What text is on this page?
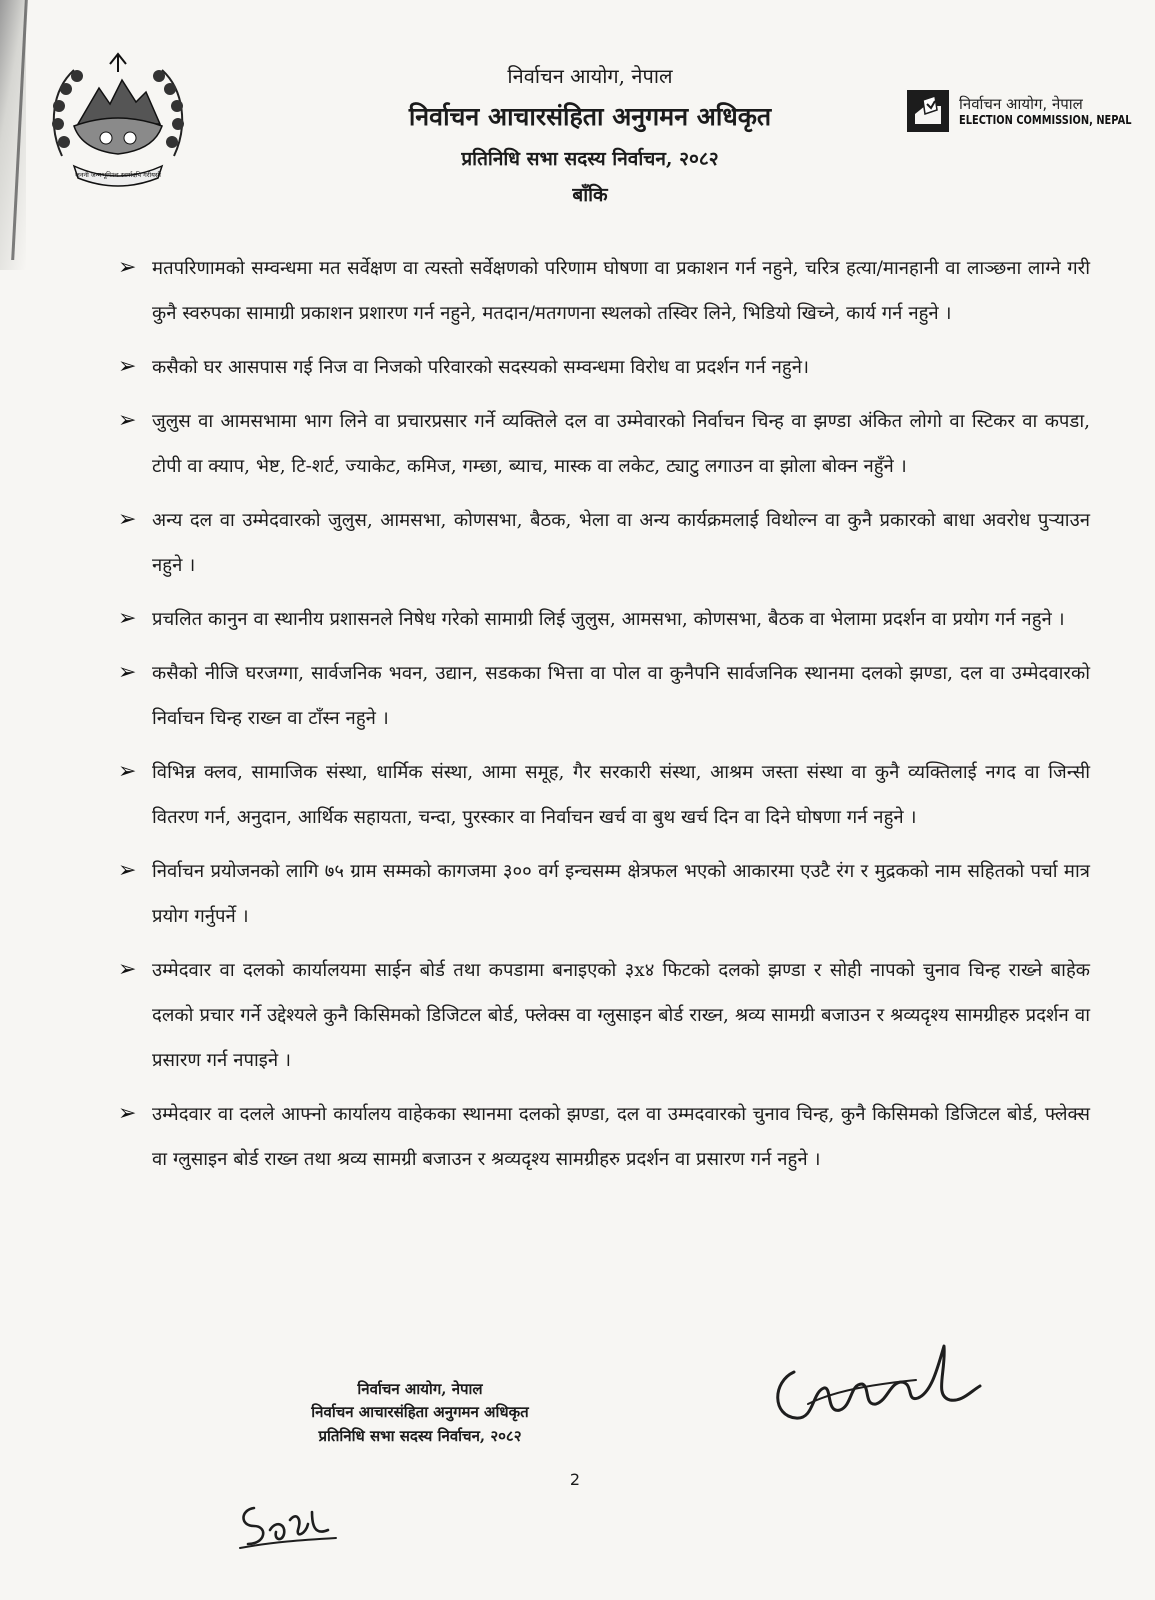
जननी जन्मभूमिश्च स्वर्गादपि गरीयसी
निर्वाचन आयोग, नेपाल
ELECTION COMMISSION, NEPAL
निर्वाचन आयोग, नेपाल
निर्वाचन आचारसंहिता अनुगमन अधिकृत
प्रतिनिधि सभा सदस्य निर्वाचन, २०८२
बाँकि
➢ मतपरिणामको सम्वन्धमा मत सर्वेक्षण वा त्यस्तो सर्वेक्षणको परिणाम घोषणा वा प्रकाशन गर्न नहुने, चरित्र हत्या/मानहानी वा लाञ्छना लाग्ने गरी कुनै स्वरुपका सामाग्री प्रकाशन प्रशारण गर्न नहुने, मतदान/मतगणना स्थलको तस्विर लिने, भिडियो खिच्ने, कार्य गर्न नहुने ।
➢ कसैको घर आसपास गई निज वा निजको परिवारको सदस्यको सम्वन्धमा विरोध वा प्रदर्शन गर्न नहुने।
➢ जुलुस वा आमसभामा भाग लिने वा प्रचारप्रसार गर्ने व्यक्तिले दल वा उम्मेवारको निर्वाचन चिन्ह वा झण्डा अंकित लोगो वा स्टिकर वा कपडा, टोपी वा क्याप, भेष्ट, टि-शर्ट, ज्याकेट, कमिज, गम्छा, ब्याच, मास्क वा लकेट, ट्याटु लगाउन वा झोला बोक्न नहुँने ।
➢ अन्य दल वा उम्मेदवारको जुलुस, आमसभा, कोणसभा, बैठक, भेला वा अन्य कार्यक्रमलाई विथोल्न वा कुनै प्रकारको बाधा अवरोध पुर्‍याउन नहुने ।
➢ प्रचलित कानुन वा स्थानीय प्रशासनले निषेध गरेको सामाग्री लिई जुलुस, आमसभा, कोणसभा, बैठक वा भेलामा प्रदर्शन वा प्रयोग गर्न नहुने ।
➢ कसैको नीजि घरजग्गा, सार्वजनिक भवन, उद्यान, सडकका भित्ता वा पोल वा कुनैपनि सार्वजनिक स्थानमा दलको झण्डा, दल वा उम्मेदवारको निर्वाचन चिन्ह राख्न वा टाँस्न नहुने ।
➢ विभिन्न क्लव, सामाजिक संस्था, धार्मिक संस्था, आमा समूह, गैर सरकारी संस्था, आश्रम जस्ता संस्था वा कुनै व्यक्तिलाई नगद वा जिन्सी वितरण गर्न, अनुदान, आर्थिक सहायता, चन्दा, पुरस्कार वा निर्वाचन खर्च वा बुथ खर्च दिन वा दिने घोषणा गर्न नहुने ।
➢ निर्वाचन प्रयोजनको लागि ७५ ग्राम सम्मको कागजमा ३०० वर्ग इन्चसम्म क्षेत्रफल भएको आकारमा एउटै रंग र मुद्रकको नाम सहितको पर्चा मात्र प्रयोग गर्नुपर्ने ।
➢ उम्मेदवार वा दलको कार्यालयमा साईन बोर्ड तथा कपडामा बनाइएको ३x४ फिटको दलको झण्डा र सोही नापको चुनाव चिन्ह राख्ने बाहेक दलको प्रचार गर्ने उद्देश्यले कुनै किसिमको डिजिटल बोर्ड, फ्लेक्स वा ग्लुसाइन बोर्ड राख्न, श्रव्य सामग्री बजाउन र श्रव्यदृश्य सामग्रीहरु प्रदर्शन वा प्रसारण गर्न नपाइने ।
➢ उम्मेदवार वा दलले आफ्नो कार्यालय वाहेकका स्थानमा दलको झण्डा, दल वा उम्मदवारको चुनाव चिन्ह, कुनै किसिमको डिजिटल बोर्ड, फ्लेक्स वा ग्लुसाइन बोर्ड राख्न तथा श्रव्य सामग्री बजाउन र श्रव्यदृश्य सामग्रीहरु प्रदर्शन वा प्रसारण गर्न नहुने ।
निर्वाचन आयोग, नेपाल
निर्वाचन आचारसंहिता अनुगमन अधिकृत
प्रतिनिधि सभा सदस्य निर्वाचन, २०८२
2
